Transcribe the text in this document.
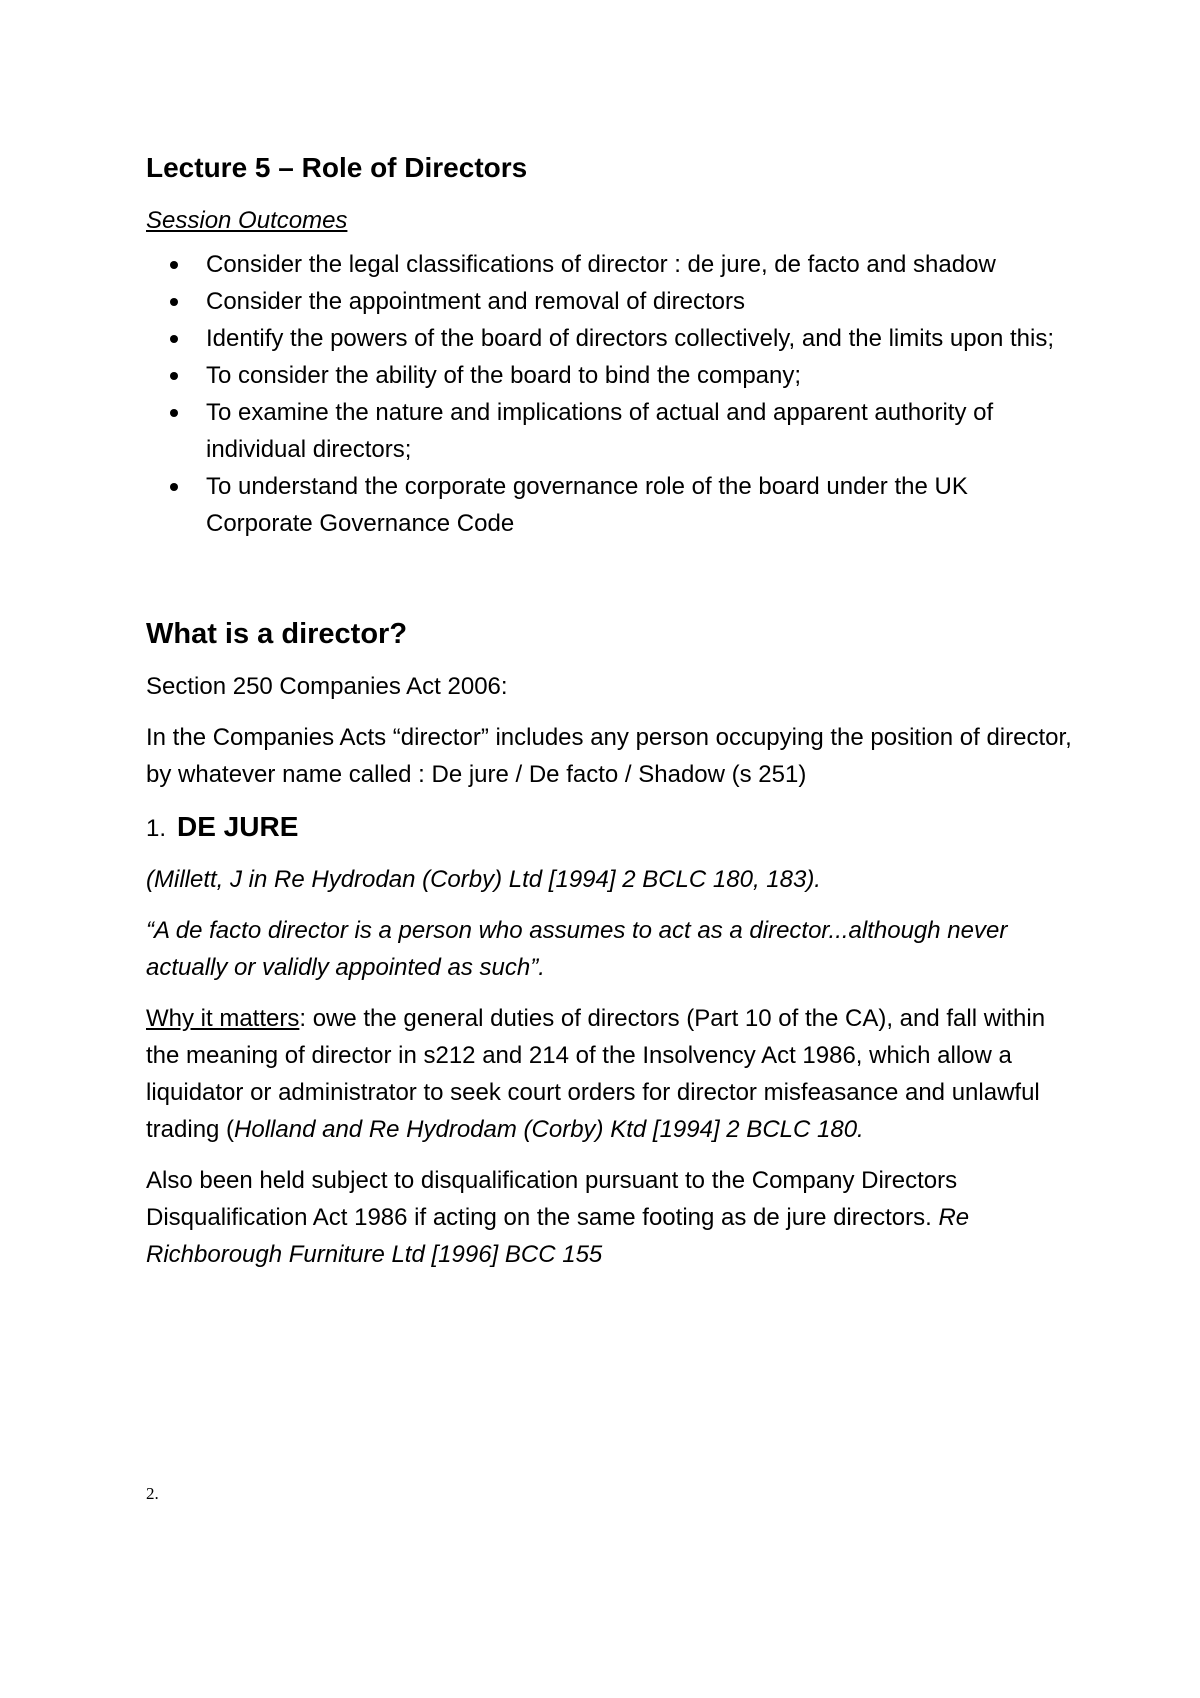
Lecture 5 – Role of Directors
Session Outcomes
Consider the legal classifications of director : de jure, de facto and shadow
Consider the appointment and removal of directors
Identify the powers of the board of directors collectively, and the limits upon this;
To consider the ability of the board to bind the company;
To examine the nature and implications of actual and apparent authority of individual directors;
To understand the corporate governance role of the board under the UK Corporate Governance Code
What is a director?

Section 250 Companies Act 2006:

In the Companies Acts “director” includes any person occupying the position of director, by whatever name called : De jure / De facto / Shadow (s 251)

1. DE JURE

(Millett, J in Re Hydrodan (Corby) Ltd [1994] 2 BCLC 180, 183).

“A de facto director is a person who assumes to act as a director...although never actually or validly appointed as such”.

Why it matters: owe the general duties of directors (Part 10 of the CA), and fall within the meaning of director in s212 and 214 of the Insolvency Act 1986, which allow a liquidator or administrator to seek court orders for director misfeasance and unlawful trading (Holland and Re Hydrodam (Corby) Ktd [1994] 2 BCLC 180.

Also been held subject to disqualification pursuant to the Company Directors Disqualification Act 1986 if acting on the same footing as de jure directors. Re Richborough Furniture Ltd [1996] BCC 155

2.
